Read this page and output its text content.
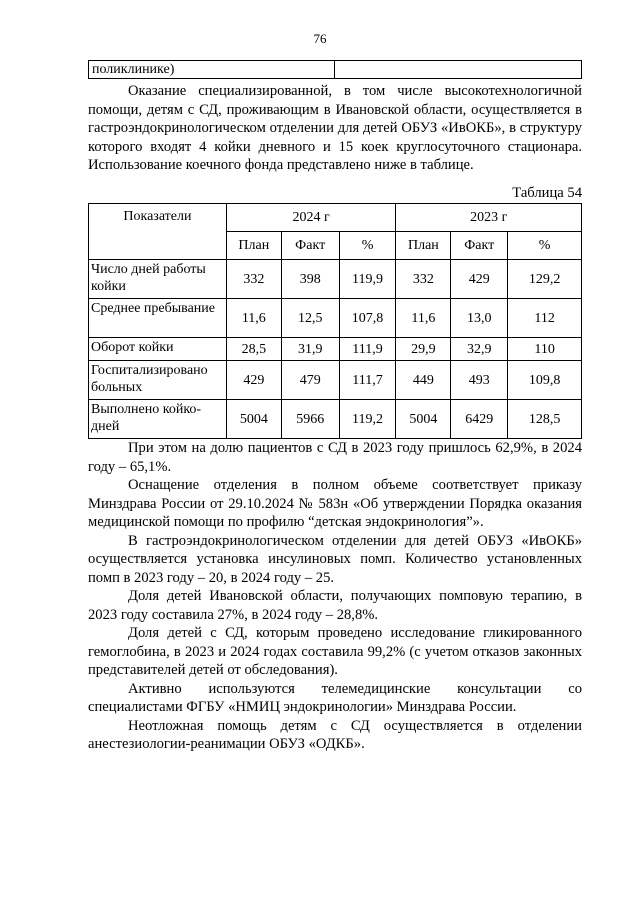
76
поликлинике)	

Оказание специализированной, в том числе высокотехнологичной помощи, детям с СД, проживающим в Ивановской области, осуществляется в гастроэндокринологическом отделении для детей ОБУЗ «ИвОКБ», в структуру которого входят 4 койки дневного и 15 коек круглосуточного стационара. Использование коечного фонда представлено ниже в таблице.

Таблица 54
Показатели	2024 г			2023 г		
	План	Факт	%	План	Факт	%
Число дней работы койки	332	398	119,9	332	429	129,2
Среднее пребывание	11,6	12,5	107,8	11,6	13,0	112
Оборот койки	28,5	31,9	111,9	29,9	32,9	110
Госпитализировано больных	429	479	111,7	449	493	109,8
Выполнено койко-дней	5004	5966	119,2	5004	6429	128,5

При этом на долю пациентов с СД в 2023 году пришлось 62,9%, в 2024 году – 65,1%.

Оснащение отделения в полном объеме соответствует приказу Минздрава России от 29.10.2024 № 583н «Об утверждении Порядка оказания медицинской помощи по профилю “детская эндокринология”».

В гастроэндокринологическом отделении для детей ОБУЗ «ИвОКБ» осуществляется установка инсулиновых помп. Количество установленных помп в 2023 году – 20, в 2024 году – 25.

Доля детей Ивановской области, получающих помповую терапию, в 2023 году составила 27%, в 2024 году – 28,8%.

Доля детей с СД, которым проведено исследование гликированного гемоглобина, в 2023 и 2024 годах составила 99,2% (с учетом отказов законных представителей детей от обследования).

Активно используются телемедицинские консультации со специалистами ФГБУ «НМИЦ эндокринологии» Минздрава России.

Неотложная помощь детям с СД осуществляется в отделении анестезиологии-реанимации ОБУЗ «ОДКБ».
